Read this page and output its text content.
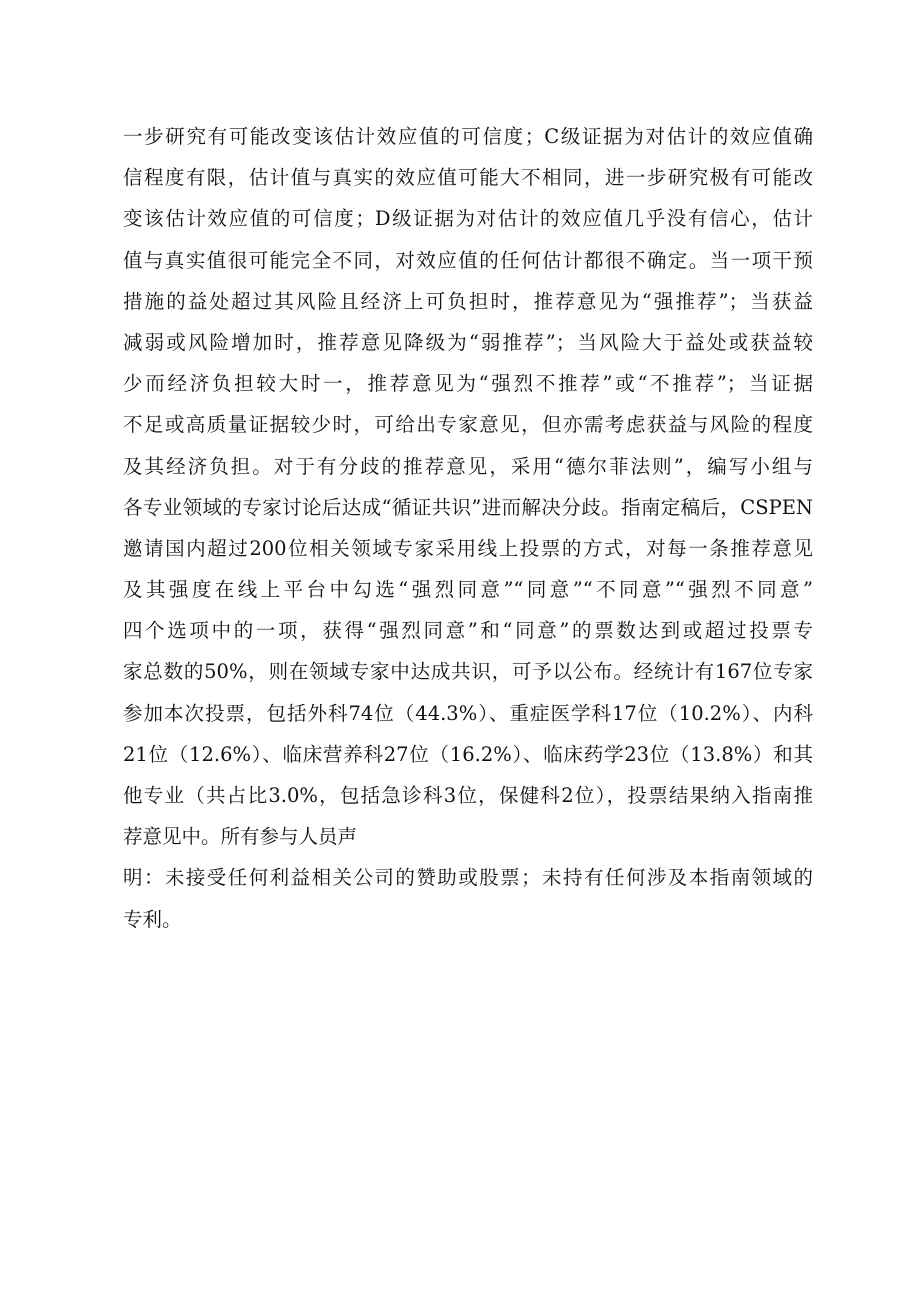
一步研究有可能改变该估计效应值的可信度；C级证据为对估计的效应值确
信程度有限，估计值与真实的效应值可能大不相同，进一步研究极有可能改
变该估计效应值的可信度；D级证据为对估计的效应值几乎没有信心，估计
值与真实值很可能完全不同，对效应值的任何估计都很不确定。当一项干预
措施的益处超过其风险且经济上可负担时，推荐意见为“强推荐”；当获益
减弱或风险增加时，推荐意见降级为“弱推荐”；当风险大于益处或获益较
少而经济负担较大时一，推荐意见为“强烈不推荐”或“不推荐”；当证据
不足或高质量证据较少时，可给出专家意见，但亦需考虑获益与风险的程度
及其经济负担。对于有分歧的推荐意见，采用“德尔菲法则”，编写小组与
各专业领域的专家讨论后达成“循证共识”进而解决分歧。指南定稿后，CSPEN
邀请国内超过200位相关领域专家采用线上投票的方式，对每一条推荐意见
及其强度在线上平台中勾选“强烈同意”“同意”“不同意”“强烈不同意”
四个选项中的一项，获得“强烈同意”和“同意”的票数达到或超过投票专
家总数的50%，则在领域专家中达成共识，可予以公布。经统计有167位专家
参加本次投票，包括外科74位（44.3%）、重症医学科17位（10.2%）、内科
21位（12.6%）、临床营养科27位（16.2%）、临床药学23位（13.8%）和其
他专业（共占比3.0%，包括急诊科3位，保健科2位），投票结果纳入指南推
荐意见中。所有参与人员声
明：未接受任何利益相关公司的赞助或股票；未持有任何涉及本指南领域的
专利。
